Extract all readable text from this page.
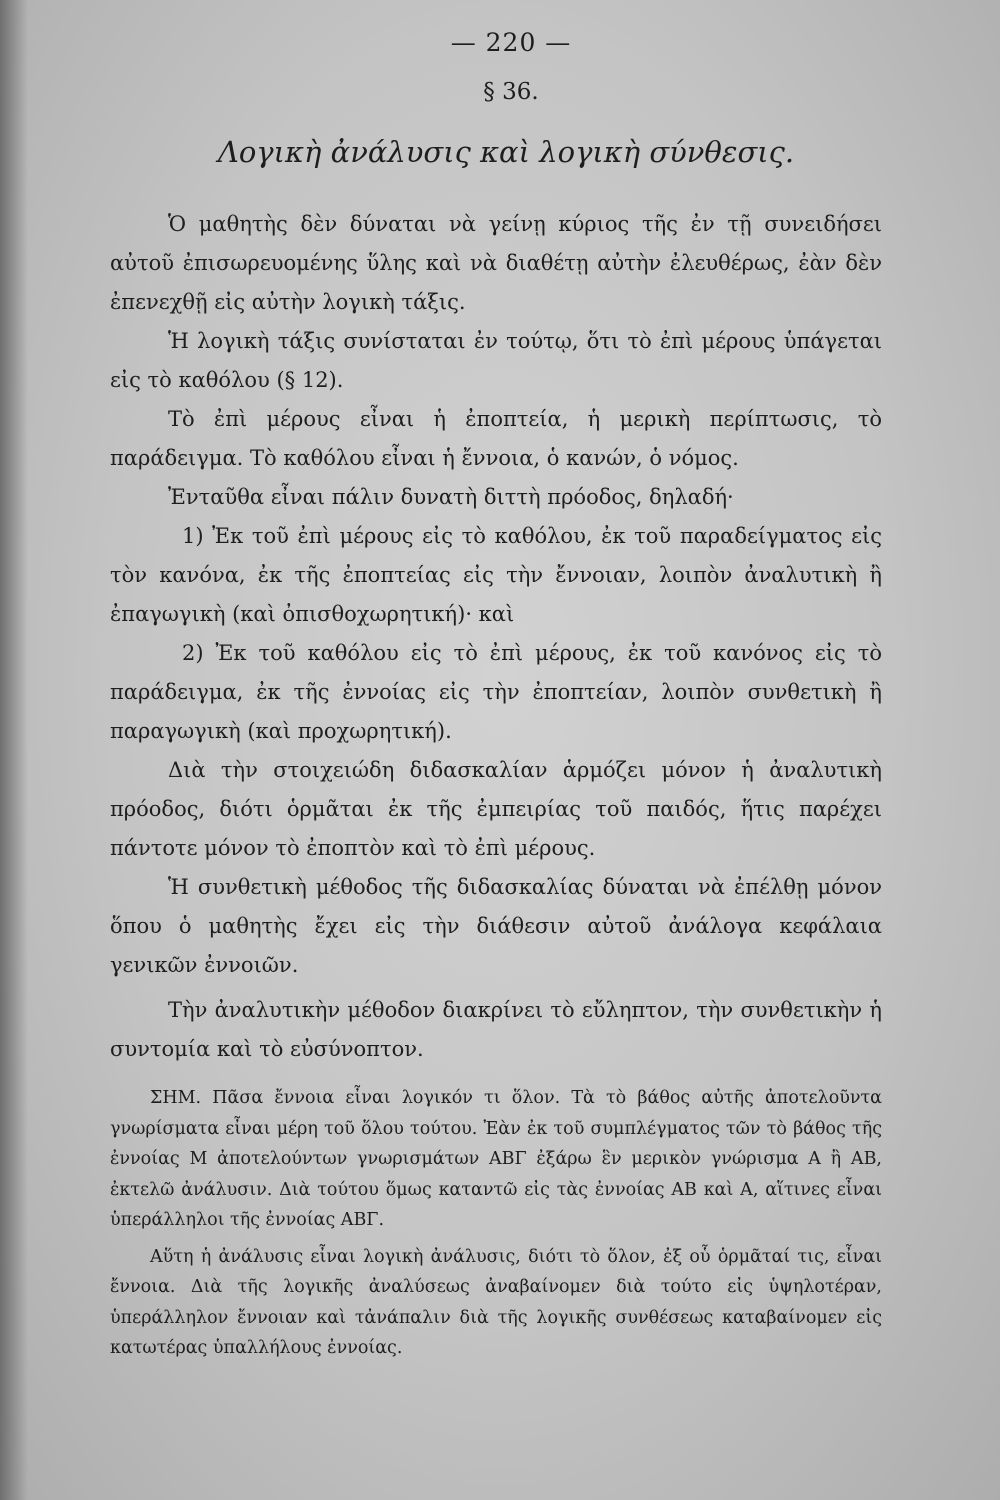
— 220 —
§ 36.
Λογικὴ ἀνάλυσις καὶ λογικὴ σύνθεσις.

Ὁ μαθητὴς δὲν δύναται νὰ γείνῃ κύριος τῆς ἐν τῇ συνειδήσει αὐτοῦ ἐπισωρευομένης ὕλης καὶ νὰ διαθέτῃ αὐτὴν ἐλευθέρως, ἐὰν δὲν ἐπενεχθῇ εἰς αὐτὴν λογικὴ τάξις.

Ἡ λογικὴ τάξις συνίσταται ἐν τούτῳ, ὅτι τὸ ἐπὶ μέρους ὑπάγεται εἰς τὸ καθόλου (§ 12).

Τὸ ἐπὶ μέρους εἶναι ἡ ἐποπτεία, ἡ μερικὴ περίπτωσις, τὸ παράδειγμα. Τὸ καθόλου εἶναι ἡ ἔννοια, ὁ κανών, ὁ νόμος.

Ἐνταῦθα εἶναι πάλιν δυνατὴ διττὴ πρόοδος, δηλαδή·

1) Ἐκ τοῦ ἐπὶ μέρους εἰς τὸ καθόλου, ἐκ τοῦ παραδείγματος εἰς τὸν κανόνα, ἐκ τῆς ἐποπτείας εἰς τὴν ἔννοιαν, λοιπὸν ἀναλυτικὴ ἢ ἐπαγωγικὴ (καὶ ὀπισθοχωρητική)· καὶ

2) Ἐκ τοῦ καθόλου εἰς τὸ ἐπὶ μέρους, ἐκ τοῦ κανόνος εἰς τὸ παράδειγμα, ἐκ τῆς ἐννοίας εἰς τὴν ἐποπτείαν, λοιπὸν συνθετικὴ ἢ παραγωγικὴ (καὶ προχωρητική).

Διὰ τὴν στοιχειώδη διδασκαλίαν ἁρμόζει μόνον ἡ ἀναλυτικὴ πρόοδος, διότι ὁρμᾶται ἐκ τῆς ἐμπειρίας τοῦ παιδός, ἥτις παρέχει πάντοτε μόνον τὸ ἐποπτὸν καὶ τὸ ἐπὶ μέρους.

Ἡ συνθετικὴ μέθοδος τῆς διδασκαλίας δύναται νὰ ἐπέλθῃ μόνον ὅπου ὁ μαθητὴς ἔχει εἰς τὴν διάθεσιν αὐτοῦ ἀνάλογα κεφάλαια γενικῶν ἐννοιῶν.

Τὴν ἀναλυτικὴν μέθοδον διακρίνει τὸ εὔληπτον, τὴν συνθετικὴν ἡ συντομία καὶ τὸ εὐσύνοπτον.

ΣΗΜ. Πᾶσα ἔννοια εἶναι λογικόν τι ὅλον. Τὰ τὸ βάθος αὐτῆς ἀποτελοῦντα γνωρίσματα εἶναι μέρη τοῦ ὅλου τούτου. Ἐὰν ἐκ τοῦ συμπλέγματος τῶν τὸ βάθος τῆς ἐννοίας Μ ἀποτελούντων γνωρισμάτων ΑΒΓ ἐξάρω ἓν μερικὸν γνώρισμα Α ἢ ΑΒ, ἐκτελῶ ἀνάλυσιν. Διὰ τούτου ὅμως καταντῶ εἰς τὰς ἐννοίας ΑΒ καὶ Α, αἵτινες εἶναι ὑπεράλληλοι τῆς ἐννοίας ΑΒΓ.

Αὕτη ἡ ἀνάλυσις εἶναι λογικὴ ἀνάλυσις, διότι τὸ ὅλον, ἐξ οὗ ὁρμᾶταί τις, εἶναι ἔννοια. Διὰ τῆς λογικῆς ἀναλύσεως ἀναβαίνομεν διὰ τούτο εἰς ὑψηλοτέραν, ὑπεράλληλον ἔννοιαν καὶ τἀνάπαλιν διὰ τῆς λογικῆς συνθέσεως καταβαίνομεν εἰς κατωτέρας ὑπαλλήλους ἐννοίας.
